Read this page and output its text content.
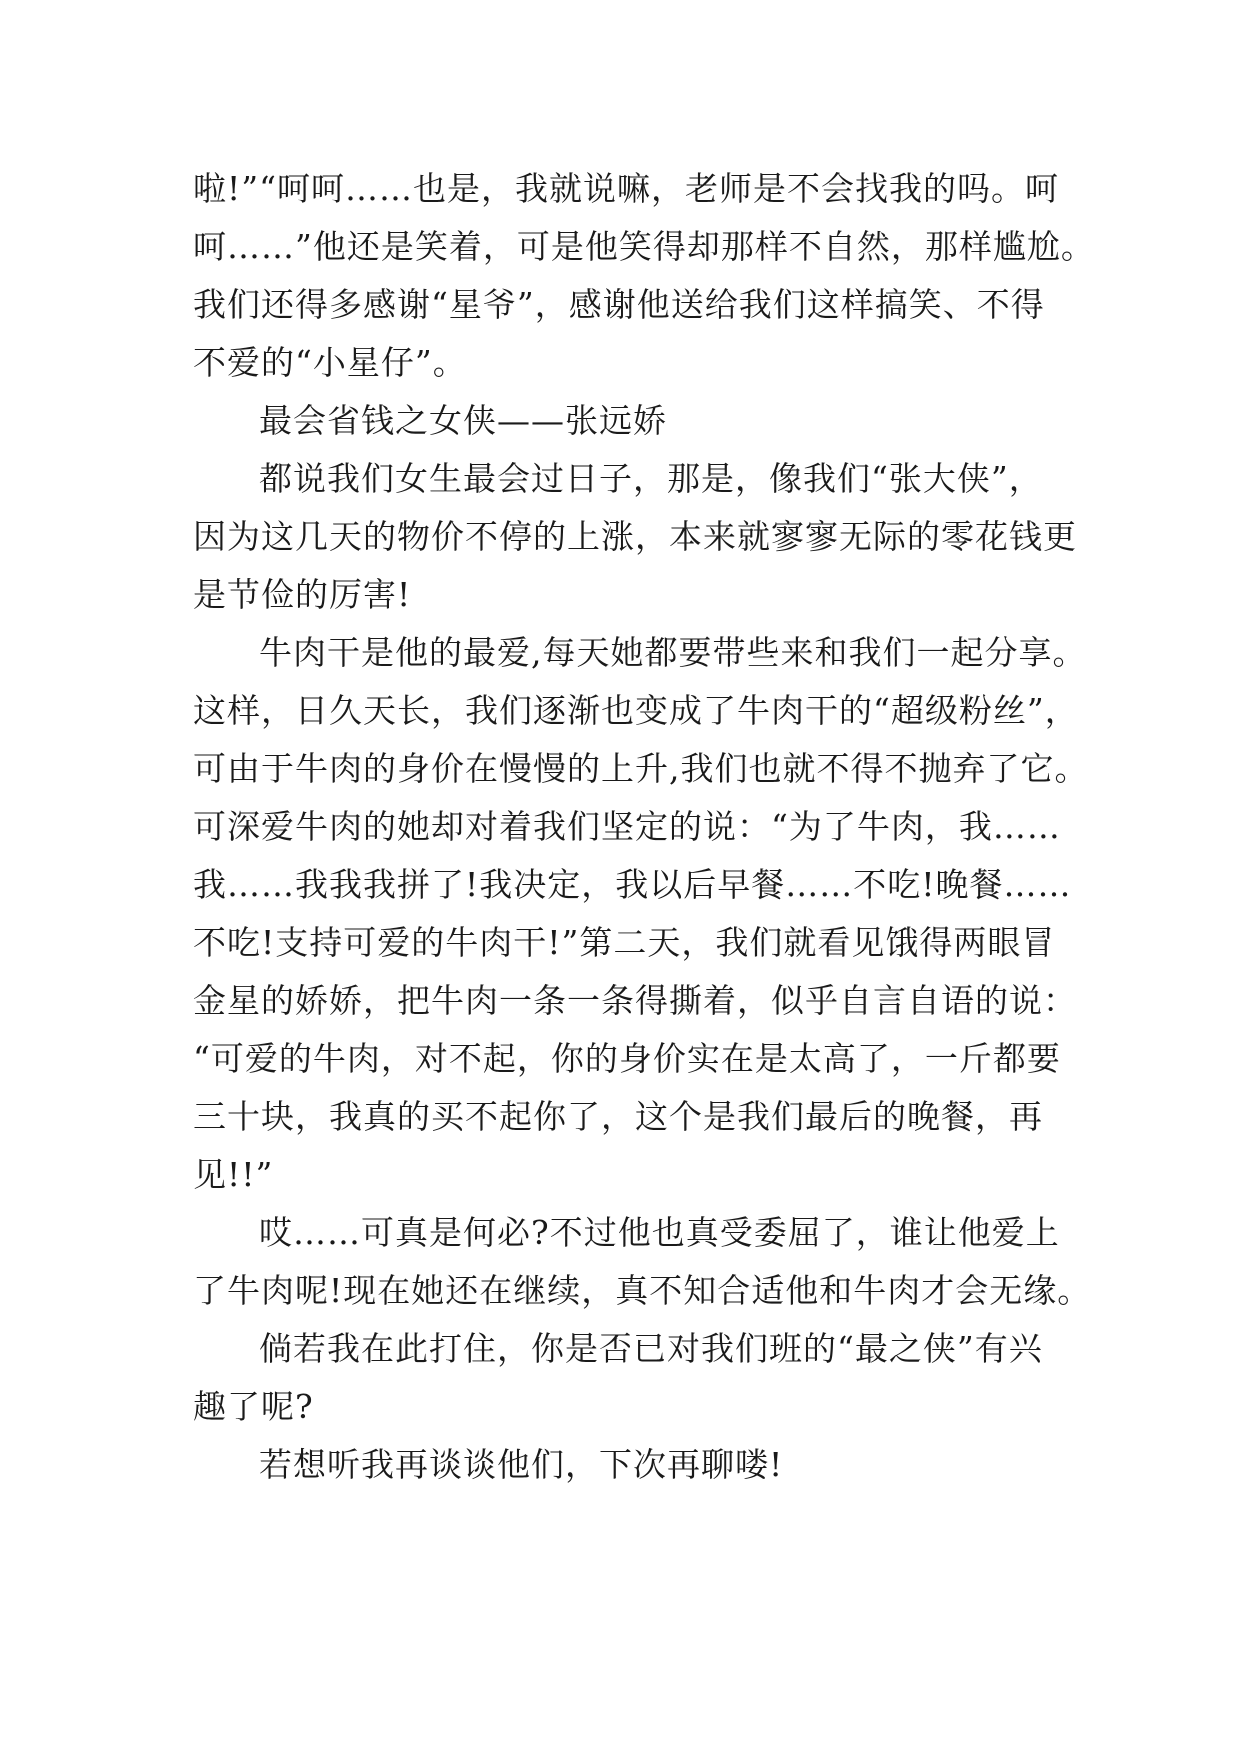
啦!”“呵呵……也是，我就说嘛，老师是不会找我的吗。呵
呵……”他还是笑着，可是他笑得却那样不自然，那样尴尬。
我们还得多感谢“星爷”，感谢他送给我们这样搞笑、不得
不爱的“小星仔”。
最会省钱之女侠——张远娇
都说我们女生最会过日子，那是，像我们“张大侠”，
因为这几天的物价不停的上涨，本来就寥寥无际的零花钱更
是节俭的厉害!
牛肉干是他的最爱,每天她都要带些来和我们一起分享。
这样，日久天长，我们逐渐也变成了牛肉干的“超级粉丝”，
可由于牛肉的身价在慢慢的上升,我们也就不得不抛弃了它。
可深爱牛肉的她却对着我们坚定的说：“为了牛肉，我……
我……我我我拼了!我决定，我以后早餐……不吃!晚餐……
不吃!支持可爱的牛肉干!”第二天，我们就看见饿得两眼冒
金星的娇娇，把牛肉一条一条得撕着，似乎自言自语的说：
“可爱的牛肉，对不起，你的身价实在是太高了，一斤都要
三十块，我真的买不起你了，这个是我们最后的晚餐，再
见!!”
哎……可真是何必?不过他也真受委屈了，谁让他爱上
了牛肉呢!现在她还在继续，真不知合适他和牛肉才会无缘。
倘若我在此打住，你是否已对我们班的“最之侠”有兴
趣了呢?
若想听我再谈谈他们，下次再聊喽!
